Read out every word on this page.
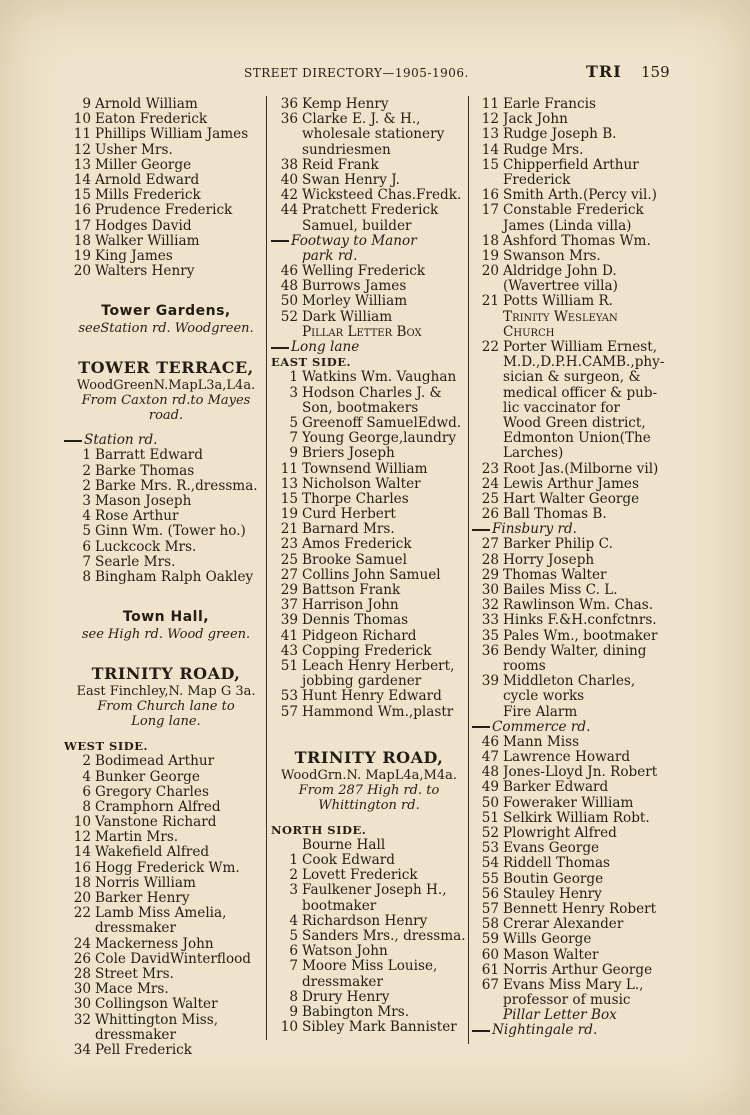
STREET DIRECTORY—1905-1906.	TRI 159
9 Arnold William
10 Eaton Frederick
11 Phillips William James
12 Usher Mrs.
13 Miller George
14 Arnold Edward
15 Mills Frederick
16 Prudence Frederick
17 Hodges David
18 Walker William
19 King James
20 Walters Henry
Tower Gardens,
seeStation rd. Woodgreen.
TOWER TERRACE,
WoodGreenN.MapL3a,L4a.
From Caxton rd.to Mayes
road.
Station rd.
1 Barratt Edward
2 Barke Thomas
2 Barke Mrs. R.,dressma.
3 Mason Joseph
4 Rose Arthur
5 Ginn Wm. (Tower ho.)
6 Luckcock Mrs.
7 Searle Mrs.
8 Bingham Ralph Oakley
Town Hall,
see High rd. Wood green.
TRINITY ROAD,
East Finchley,N. Map G 3a.
From Church lane to
Long lane.
WEST SIDE.
2 Bodimead Arthur
4 Bunker George
6 Gregory Charles
8 Cramphorn Alfred
10 Vanstone Richard
12 Martin Mrs.
14 Wakefield Alfred
16 Hogg Frederick Wm.
18 Norris William
20 Barker Henry
22 Lamb Miss Amelia,
dressmaker
24 Mackerness John
26 Cole DavidWinterflood
28 Street Mrs.
30 Mace Mrs.
30 Collingson Walter
32 Whittington Miss,
dressmaker
34 Pell Frederick
36 Kemp Henry
36 Clarke E. J. & H.,
wholesale stationery
sundriesmen
38 Reid Frank
40 Swan Henry J.
42 Wicksteed Chas.Fredk.
44 Pratchett Frederick
Samuel, builder
Footway to Manor
park rd.
46 Welling Frederick
48 Burrows James
50 Morley William
52 Dark William
Pillar Letter Box
Long lane
EAST SIDE.
1 Watkins Wm. Vaughan
3 Hodson Charles J. &
Son, bootmakers
5 Greenoff SamuelEdwd.
7 Young George,laundry
9 Briers Joseph
11 Townsend William
13 Nicholson Walter
15 Thorpe Charles
19 Curd Herbert
21 Barnard Mrs.
23 Amos Frederick
25 Brooke Samuel
27 Collins John Samuel
29 Battson Frank
37 Harrison John
39 Dennis Thomas
41 Pidgeon Richard
43 Copping Frederick
51 Leach Henry Herbert,
jobbing gardener
53 Hunt Henry Edward
57 Hammond Wm.,plastr
TRINITY ROAD,
WoodGrn.N. MapL4a,M4a.
From 287 High rd. to
Whittington rd.
NORTH SIDE.
Bourne Hall
1 Cook Edward
2 Lovett Frederick
3 Faulkener Joseph H.,
bootmaker
4 Richardson Henry
5 Sanders Mrs., dressma.
6 Watson John
7 Moore Miss Louise,
dressmaker
8 Drury Henry
9 Babington Mrs.
10 Sibley Mark Bannister
11 Earle Francis
12 Jack John
13 Rudge Joseph B.
14 Rudge Mrs.
15 Chipperfield Arthur
Frederick
16 Smith Arth.(Percy vil.)
17 Constable Frederick
James (Linda villa)
18 Ashford Thomas Wm.
19 Swanson Mrs.
20 Aldridge John D.
(Wavertree villa)
21 Potts William R.
Trinity Wesleyan
Church
22 Porter William Ernest,
M.D.,D.P.H.CAMB.,phy-
sician & surgeon, &
medical officer & pub-
lic vaccinator for
Wood Green district,
Edmonton Union(The
Larches)
23 Root Jas.(Milborne vil)
24 Lewis Arthur James
25 Hart Walter George
26 Ball Thomas B.
Finsbury rd.
27 Barker Philip C.
28 Horry Joseph
29 Thomas Walter
30 Bailes Miss C. L.
32 Rawlinson Wm. Chas.
33 Hinks F.&H.confctnrs.
35 Pales Wm., bootmaker
36 Bendy Walter, dining
rooms
39 Middleton Charles,
cycle works
Fire Alarm
Commerce rd.
46 Mann Miss
47 Lawrence Howard
48 Jones-Lloyd Jn. Robert
49 Barker Edward
50 Foweraker William
51 Selkirk William Robt.
52 Plowright Alfred
53 Evans George
54 Riddell Thomas
55 Boutin George
56 Stauley Henry
57 Bennett Henry Robert
58 Crerar Alexander
59 Wills George
60 Mason Walter
61 Norris Arthur George
67 Evans Miss Mary L.,
professor of music
Pillar Letter Box
Nightingale rd.
